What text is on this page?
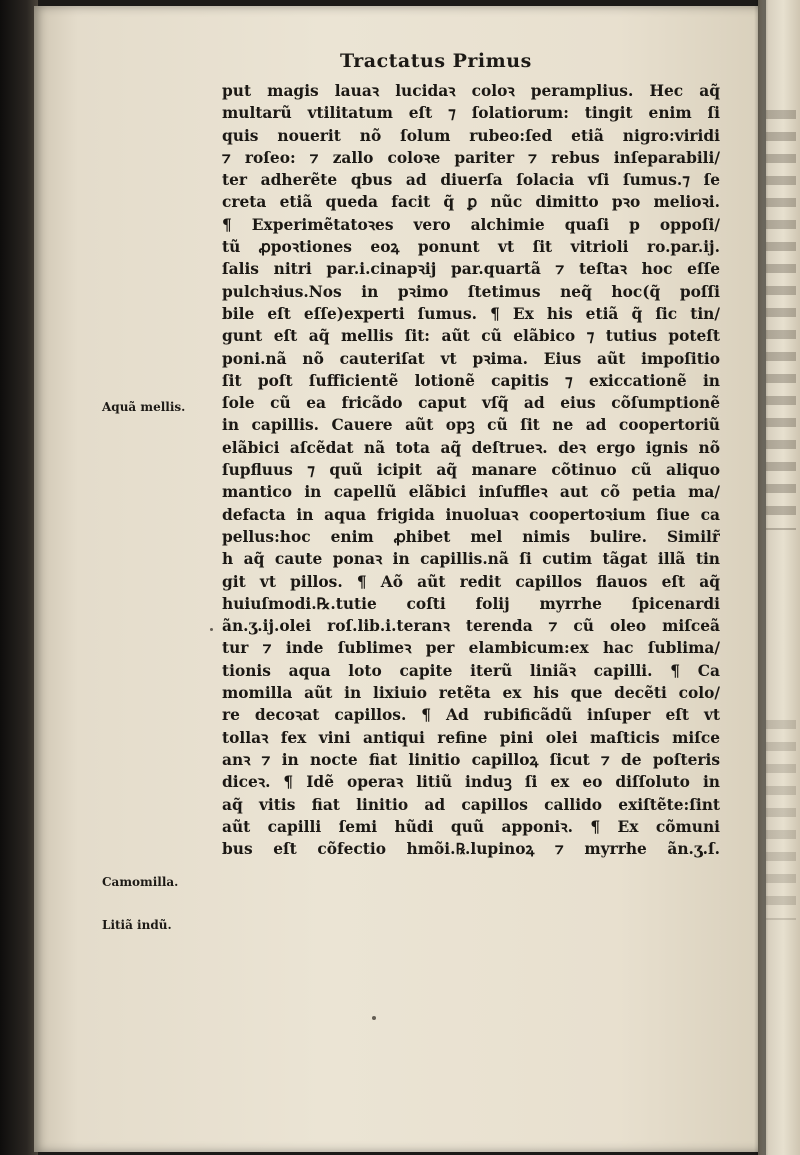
Tractatus Primus

Aquã mellis.

Camomilla.

Litiã indũ.

put magis lauaꝛ lucidaꝛ coloꝛ peramplius. Hec aq̃
multarũ vtilitatum eſt ⁊ ſolatiorum: tingit enim ſi
quis nouerit nõ ſolum rubeo:ſed etiã nigro:viridi
⁊ roſeo: ⁊ zallo coloꝛe pariter ⁊ rebus inſeparabili/
ter adherẽte qbus ad diuerſa ſolacia vſi ſumus.⁊ ſe
creta etiã queda facit q̃ ꝑ nũc dimitto pꝛo melioꝛi.
¶ Experimẽtatoꝛes vero alchimie quaſi p oppoſi/
tũ ꝓpoꝛtiones eoꝝ ponunt vt ſit vitrioli ro.par.ij.
ſalis nitri par.i.cinapꝛij par.quartã ⁊ teſtaꝛ hoc eſſe
pulchꝛius.Nos in pꝛimo ſtetimus neq̃ hoc(q̃ poſſi
bile eſt eſſe)experti ſumus. ¶ Ex his etiã q̃ ſic tin/
gunt eſt aq̃ mellis ſit: aũt cũ elãbico ⁊ tutius poteſt
poni.nã nõ cauteriſat vt pꝛima. Eius aũt impoſitio
ſit poſt ſufficientẽ lotionẽ capitis ⁊ exiccationẽ in
ſole cũ ea fricãdo caput vſq̃ ad eius cõſumptionẽ
in capillis. Cauere aũt opꝫ cũ ſit ne ad coopertoriũ
elãbici aſcẽdat nã tota aq̃ deſtrueꝛ. deꝛ ergo ignis nõ
ſupfluus ⁊ quũ icipit aq̃ manare cõtinuo cũ aliquo
mantico in capellũ elãbici inſuffleꝛ aut cõ petia ma/
defacta in aqua frigida inuoluaꝛ coopertoꝛium ſiue ca
pellus:hoc enim ꝓhibet mel nimis bulire. Similr̃
h aq̃ caute ponaꝛ in capillis.nã ſi cutim tãgat illã tin
git vt pillos. ¶ Aõ aũt redit capillos flauos eſt aq̃
huiuſmodi.℞.tutie coſti folij myrrhe ſpicenardi
ãn.ʒ.ij.olei roſ.lib.i.teranꝛ terenda ⁊ cũ oleo miſceã
tur ⁊ inde ſublimeꝛ per elambicum:ex hac ſublima/
tionis aqua loto capite iterũ liniãꝛ capilli. ¶ Ca
momilla aũt in lixiuio retẽta ex his que decẽti colo/
re decoꝛat capillos. ¶ Ad rubificãdũ inſuper eſt vt
tollaꝛ fex vini antiqui refine pini olei maſticis miſce
anꝛ ⁊ in nocte fiat linitio capilloꝝ ſicut ⁊ de poſteris
diceꝛ. ¶ Idẽ operaꝛ litiũ induꝫ ſi ex eo diſſoluto in
aq̃ vitis fiat linitio ad capillos callido exiſtẽte:ſint
aũt capilli ſemi hũdi quũ apponiꝛ. ¶ Ex cõmuni
bus eſt cõfectio hmõi.℞.lupinoꝝ ⁊ myrrhe ãn.ʒ.ſ.
